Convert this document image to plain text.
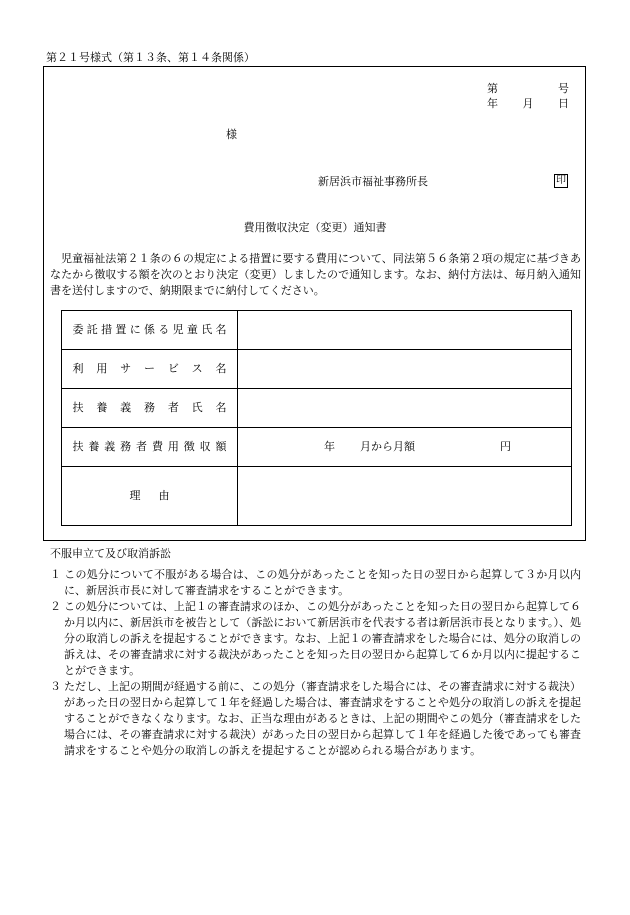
第２１号様式（第１３条、第１４条関係）
第	号
年 月 日
様
新居浜市福祉事務所長	印
費用徴収決定（変更）通知書
児童福祉法第２１条の６の規定による措置に要する費用について、同法第５６条第２項の規定に基づきあなたから徴収する額を次のとおり決定（変更）しましたので通知します。なお、納付方法は、毎月納入通知書を送付しますので、納期限までに納付してください。
委託措置に係る児童氏名	
利用サービス名	
扶養義務者氏名	
扶養義務者費用徴収額	年 月から月額 円

理由	
不服申立て及び取消訴訟
１ この処分について不服がある場合は、この処分があったことを知った日の翌日から起算して３か月以内に、新居浜市長に対して審査請求をすることができます。
２ この処分については、上記１の審査請求のほか、この処分があったことを知った日の翌日から起算して６か月以内に、新居浜市を被告として（訴訟において新居浜市を代表する者は新居浜市長となります。）、処分の取消しの訴えを提起することができます。なお、上記１の審査請求をした場合には、処分の取消しの訴えは、その審査請求に対する裁決があったことを知った日の翌日から起算して６か月以内に提起することができます。
３ ただし、上記の期間が経過する前に、この処分（審査請求をした場合には、その審査請求に対する裁決）があった日の翌日から起算して１年を経過した場合は、審査請求をすることや処分の取消しの訴えを提起することができなくなります。なお、正当な理由があるときは、上記の期間やこの処分（審査請求をした場合には、その審査請求に対する裁決）があった日の翌日から起算して１年を経過した後であっても審査請求をすることや処分の取消しの訴えを提起することが認められる場合があります。
